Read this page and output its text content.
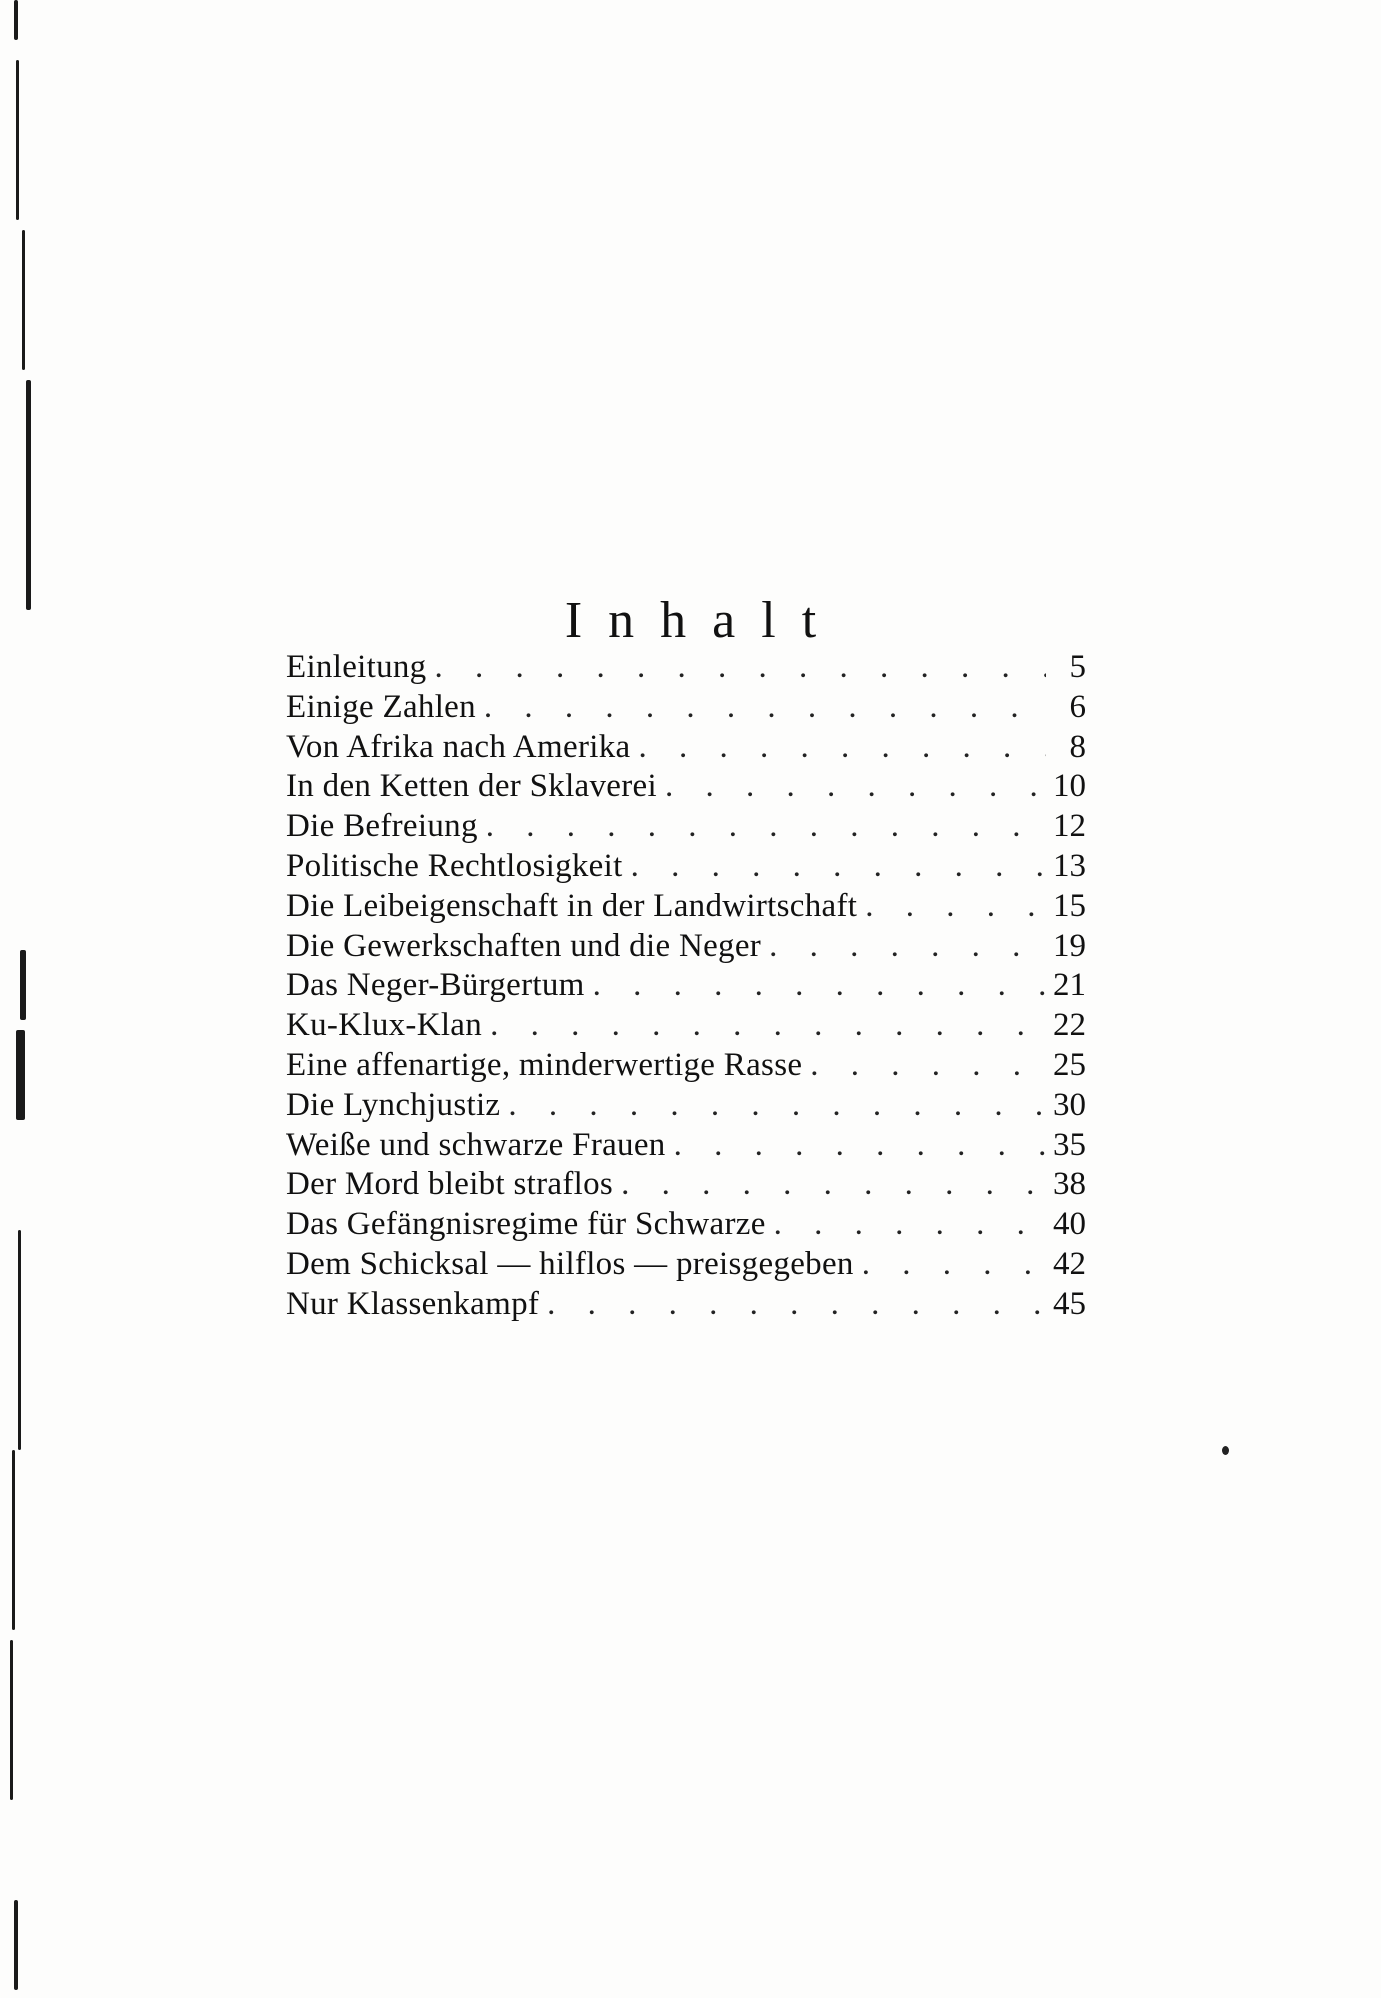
Inhalt
Einleitung . . .	5
Einige Zahlen . . .	6
Von Afrika nach Amerika . . .	8
In den Ketten der Sklaverei . . .	10
Die Befreiung . . .	12
Politische Rechtlosigkeit . . .	13
Die Leibeigenschaft in der Landwirtschaft . . .	15
Die Gewerkschaften und die Neger . . .	19
Das Neger-Bürgertum . . .	21
Ku-Klux-Klan . . .	22
Eine affenartige, minderwertige Rasse . . .	25
Die Lynchjustiz . . .	30
Weiße und schwarze Frauen . . .	35
Der Mord bleibt straflos . . .	38
Das Gefängnisregime für Schwarze . . .	40
Dem Schicksal — hilflos — preisgegeben . . .	42
Nur Klassenkampf . . .	45
